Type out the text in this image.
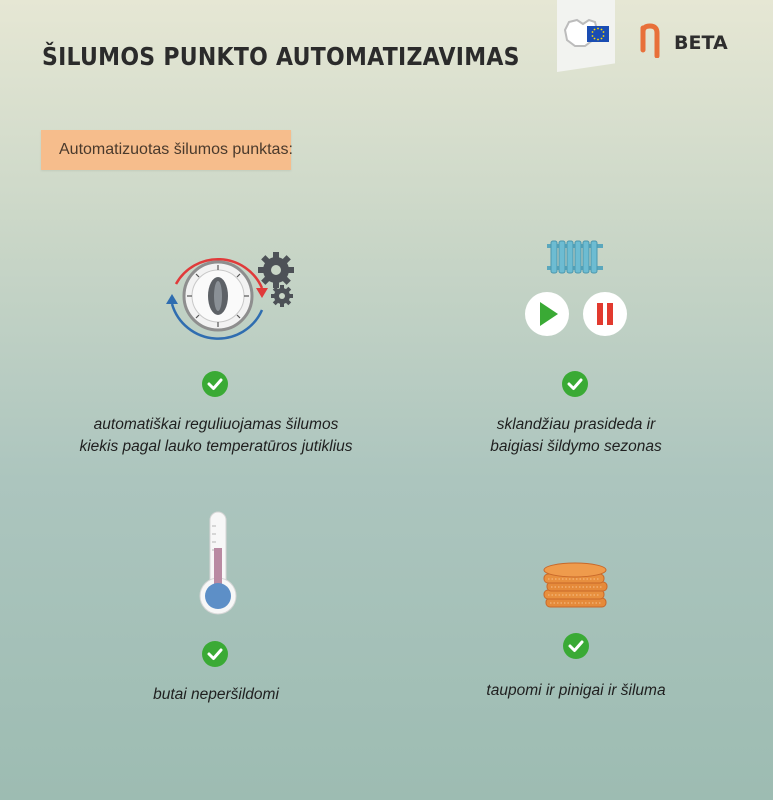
ŠILUMOS PUNKTO AUTOMATIZAVIMAS	BETA
Automatizuotas šilumos punktas:
automatiškai reguliuojamas šilumos
kiekis pagal lauko temperatūros jutiklius
sklandžiau prasideda ir
baigiasi šildymo sezonas
butai neperšildomi	taupomi ir pinigai ir šiluma
